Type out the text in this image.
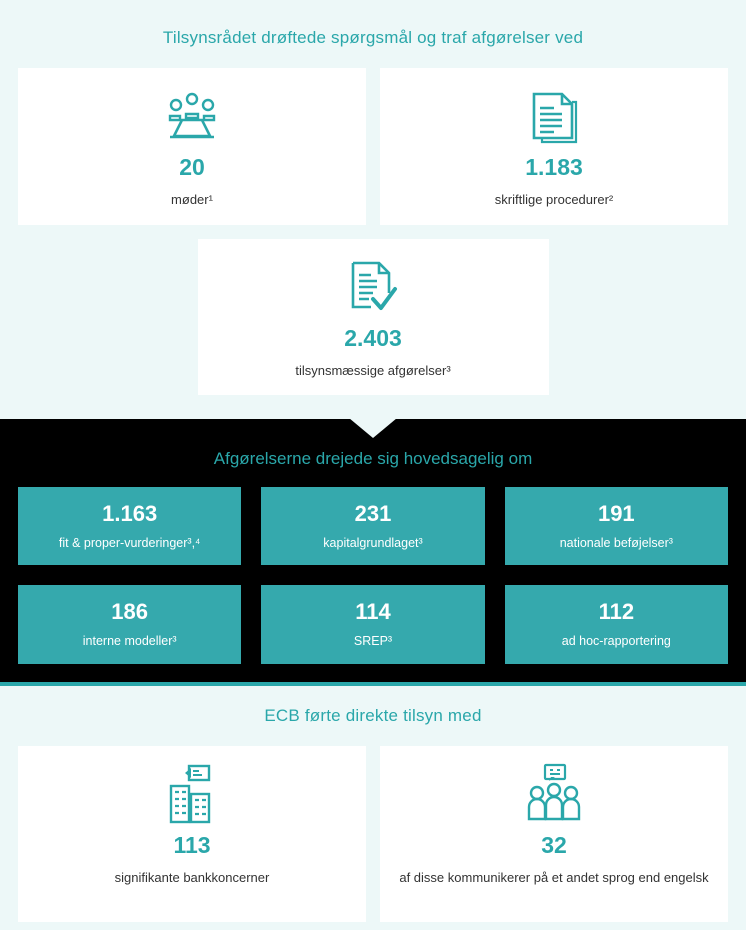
Tilsynsrådet drøftede spørgsmål og traf afgørelser ved
20
møder¹
1.183
skriftlige procedurer²
2.403
tilsynsmæssige afgørelser³
Afgørelserne drejede sig hovedsagelig om
1.163
fit & proper-vurderinger³,⁴
231
kapitalgrundlaget³
191
nationale beføjelser³
186
interne modeller³
114
SREP³
112
ad hoc-rapportering
ECB førte direkte tilsyn med
113
signifikante bankkoncerner
32
af disse kommunikerer på et andet sprog end engelsk
